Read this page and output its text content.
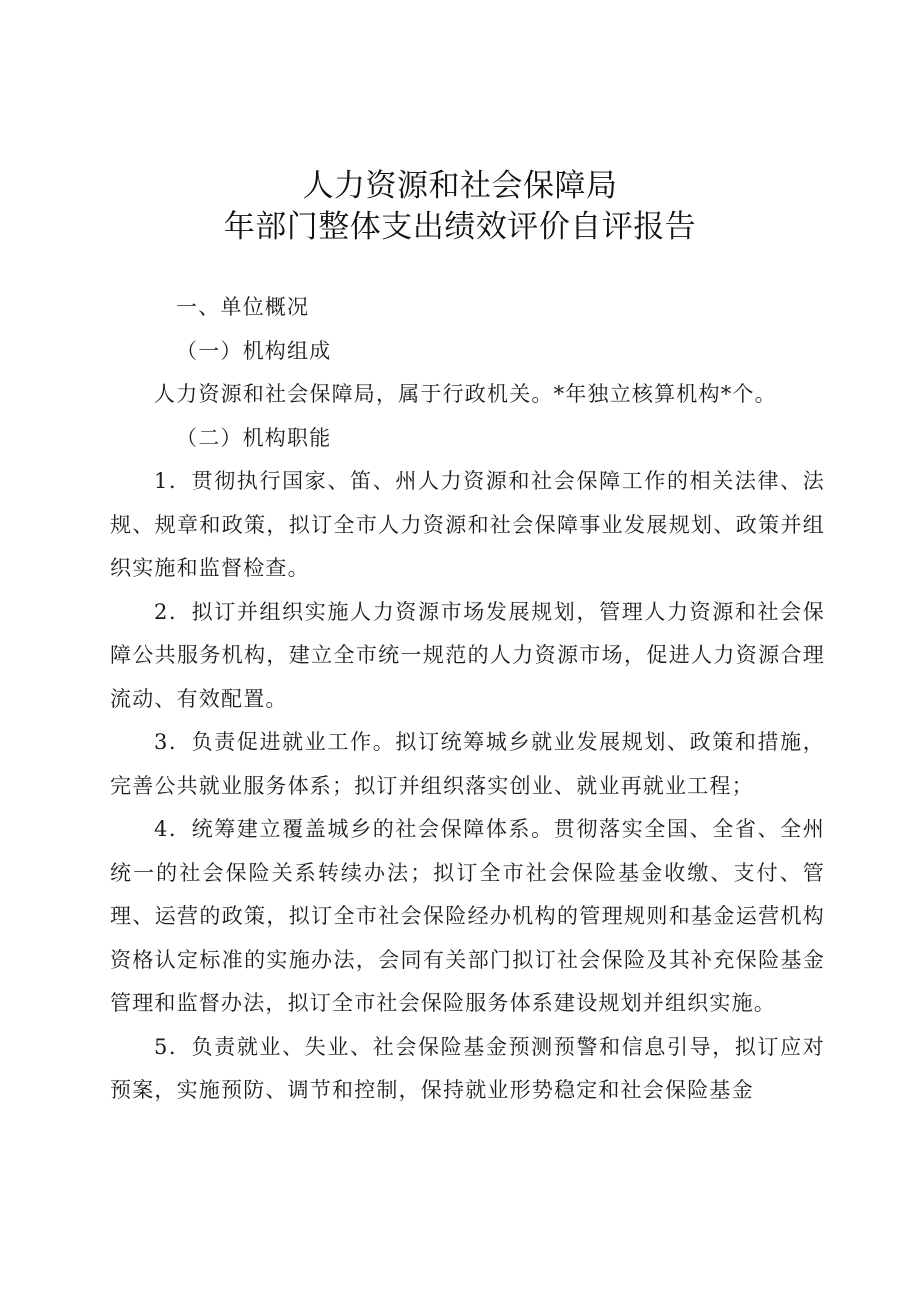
人力资源和社会保障局
年部门整体支出绩效评价自评报告

一、单位概况

（一）机构组成

人力资源和社会保障局，属于行政机关。*年独立核算机构*个。

（二）机构职能

1．贯彻执行国家、笛、州人力资源和社会保障工作的相关法律、法规、规章和政策，拟订全市人力资源和社会保障事业发展规划、政策并组织实施和监督检查。

2．拟订并组织实施人力资源市场发展规划，管理人力资源和社会保障公共服务机构，建立全市统一规范的人力资源市场，促进人力资源合理流动、有效配置。

3．负责促进就业工作。拟订统筹城乡就业发展规划、政策和措施，完善公共就业服务体系；拟订并组织落实创业、就业再就业工程；

4．统筹建立覆盖城乡的社会保障体系。贯彻落实全国、全省、全州统一的社会保险关系转续办法；拟订全市社会保险基金收缴、支付、管理、运营的政策，拟订全市社会保险经办机构的管理规则和基金运营机构资格认定标准的实施办法，会同有关部门拟订社会保险及其补充保险基金管理和监督办法，拟订全市社会保险服务体系建设规划并组织实施。

5．负责就业、失业、社会保险基金预测预警和信息引导，拟订应对预案，实施预防、调节和控制，保持就业形势稳定和社会保险基金
